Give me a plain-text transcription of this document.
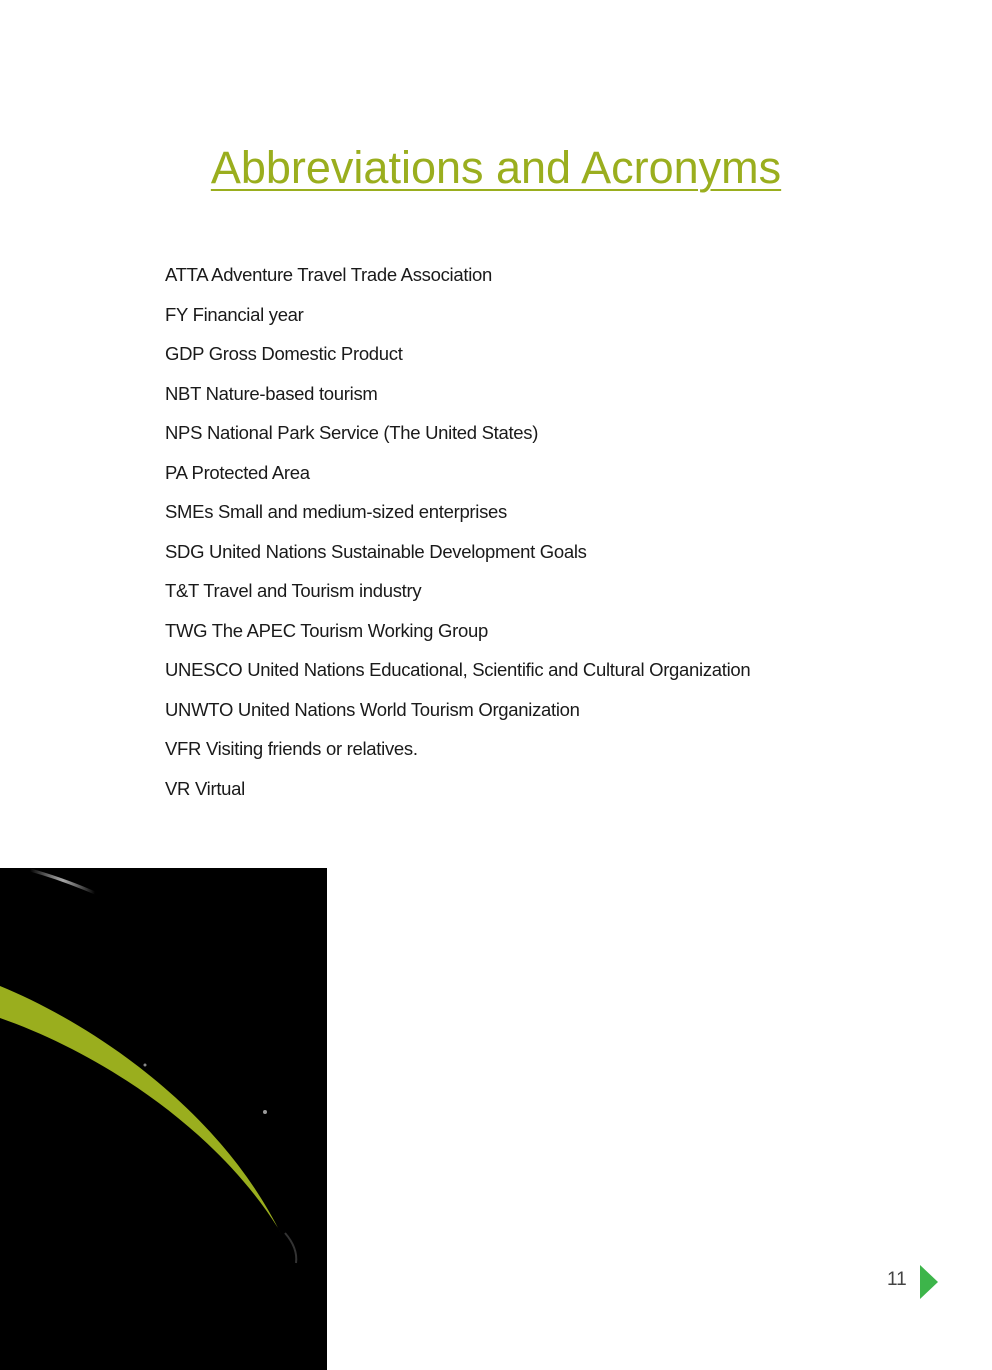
Abbreviations and Acronyms
ATTA Adventure Travel Trade Association
FY Financial year
GDP Gross Domestic Product
NBT Nature-based tourism
NPS National Park Service (The United States)
PA Protected Area
SMEs Small and medium-sized enterprises
SDG United Nations Sustainable Development Goals
T&T Travel and Tourism industry
TWG The APEC Tourism Working Group
UNESCO United Nations Educational, Scientific and Cultural Organization
UNWTO United Nations World Tourism Organization
VFR Visiting friends or relatives.
VR Virtual
11
